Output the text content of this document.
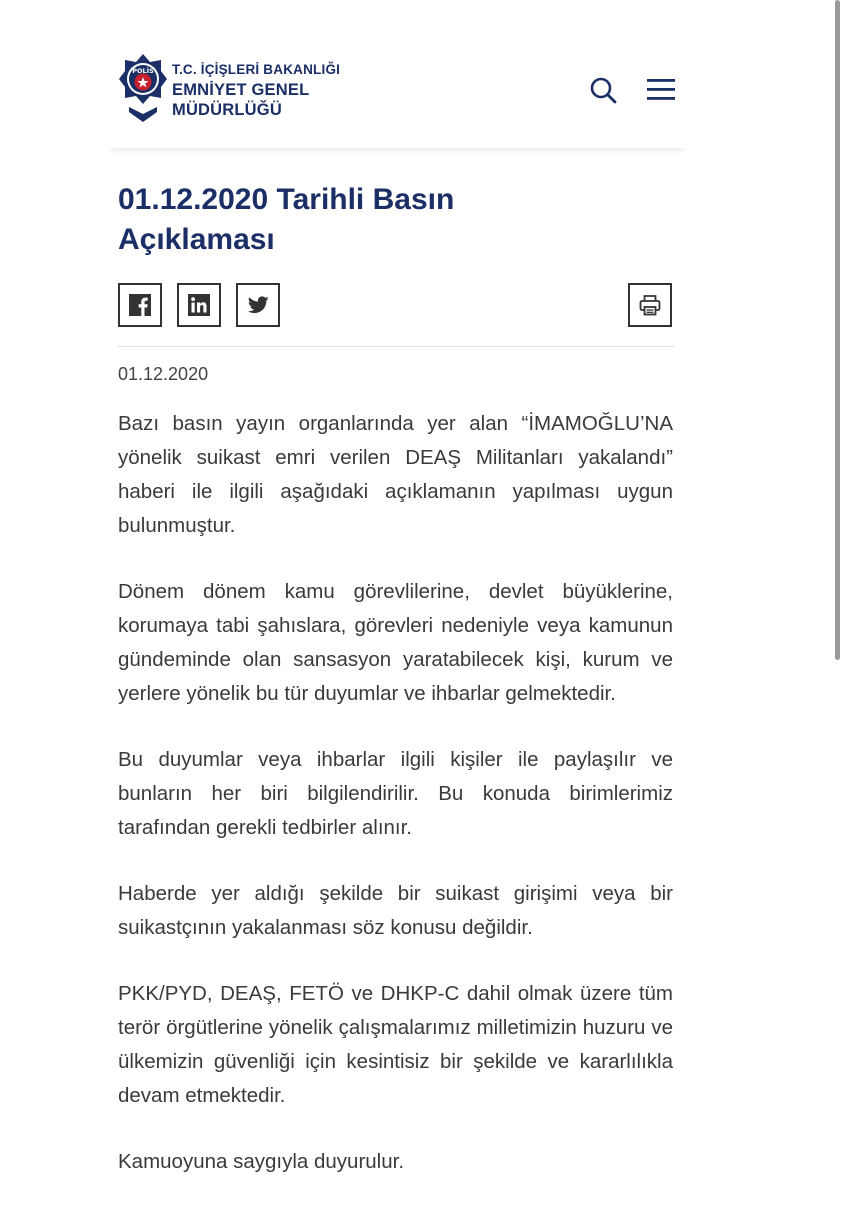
POLİS T.C. İÇİŞLERİ BAKANLIĞI
EMNİYET GENEL
MÜDÜRLÜĞÜ
01.12.2020 Tarihli Basın
Açıklaması
01.12.2020

Bazı basın yayın organlarında yer alan “İMAMOĞLU’NA yönelik suikast emri verilen DEAŞ Militanları yakalandı” haberi ile ilgili aşağıdaki açıklamanın yapılması uygun bulunmuştur.

Dönem dönem kamu görevlilerine, devlet büyüklerine, korumaya tabi şahıslara, görevleri nedeniyle veya kamunun gündeminde olan sansasyon yaratabilecek kişi, kurum ve yerlere yönelik bu tür duyumlar ve ihbarlar gelmektedir.

Bu duyumlar veya ihbarlar ilgili kişiler ile paylaşılır ve bunların her biri bilgilendirilir. Bu konuda birimlerimiz tarafından gerekli tedbirler alınır.

Haberde yer aldığı şekilde bir suikast girişimi veya bir suikastçının yakalanması söz konusu değildir.

PKK/PYD, DEAŞ, FETÖ ve DHKP-C dahil olmak üzere tüm terör örgütlerine yönelik çalışmalarımız milletimizin huzuru ve ülkemizin güvenliği için kesintisiz bir şekilde ve kararlılıkla devam etmektedir.

Kamuoyuna saygıyla duyurulur.
